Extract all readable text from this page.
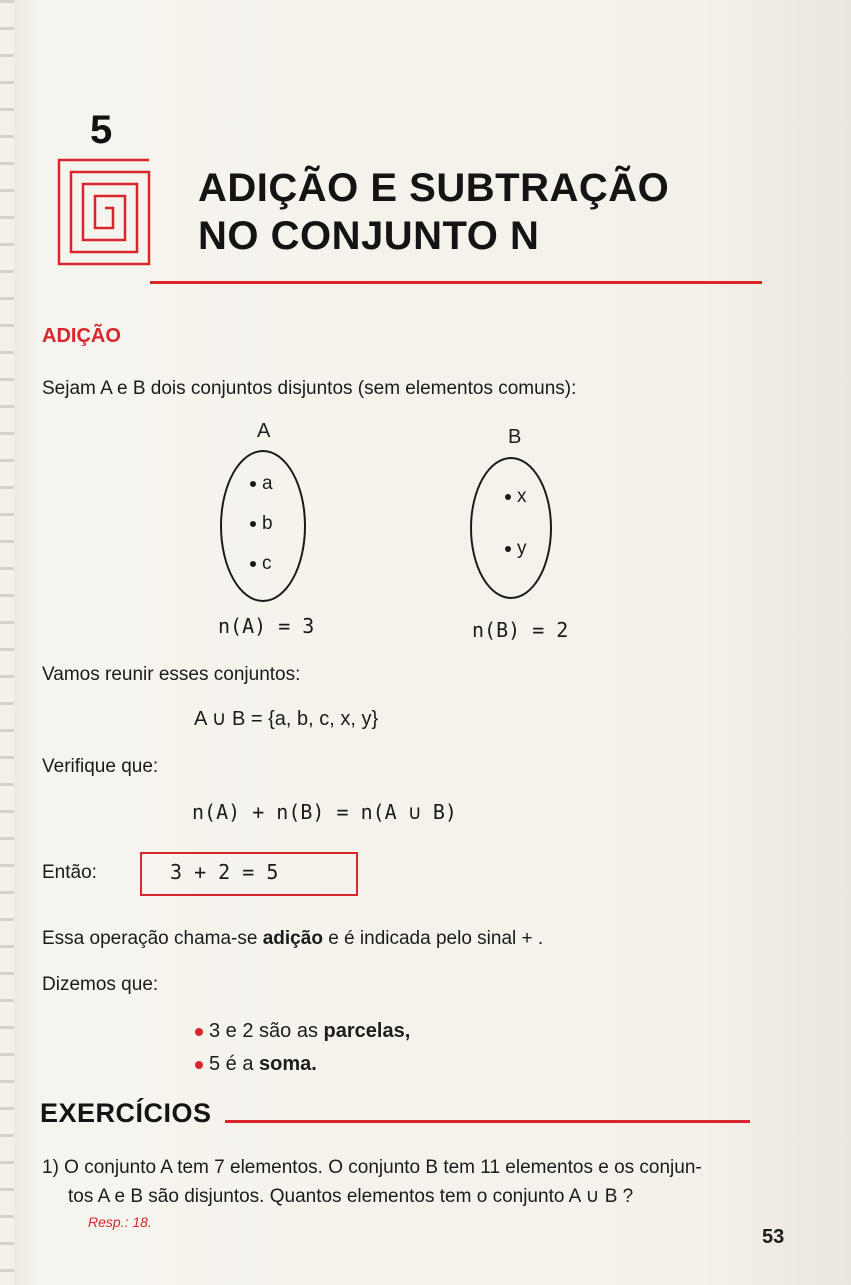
5
ADIÇÃO E SUBTRAÇÃO
NO CONJUNTO N
ADIÇÃO
Sejam A e B dois conjuntos disjuntos (sem elementos comuns):
A
a
b
c
n(A) = 3
B
x
y
n(B) = 2
Vamos reunir esses conjuntos:
A ∪ B = {a, b, c, x, y}
Verifique que:
n(A) + n(B) = n(A ∪ B)
Então:	3 + 2 = 5
Essa operação chama-se adição e é indicada pelo sinal + .
Dizemos que:
3 e 2 são as parcelas,
5 é a soma.
EXERCÍCIOS
1) O conjunto A tem 7 elementos. O conjunto B tem 11 elementos e os conjun-
tos A e B são disjuntos. Quantos elementos tem o conjunto A ∪ B ?
Resp.: 18.
53
